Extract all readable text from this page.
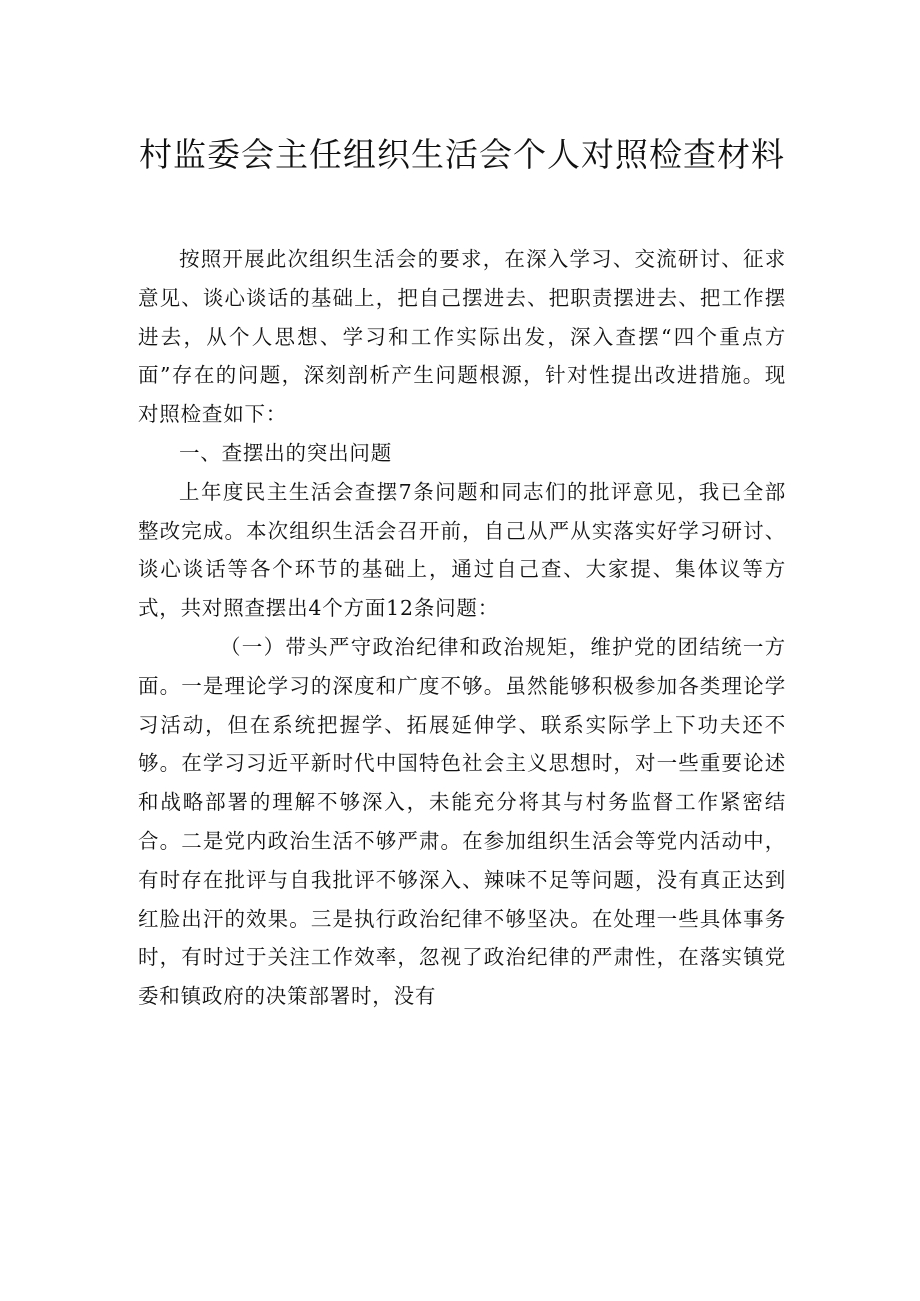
村监委会主任组织生活会个人对照检查材料

按照开展此次组织生活会的要求，在深入学习、交流研讨、征求意见、谈心谈话的基础上，把自己摆进去、把职责摆进去、把工作摆进去，从个人思想、学习和工作实际出发，深入查摆“四个重点方面”存在的问题，深刻剖析产生问题根源，针对性提出改进措施。现对照检查如下：

一、查摆出的突出问题

上年度民主生活会查摆7条问题和同志们的批评意见，我已全部整改完成。本次组织生活会召开前，自己从严从实落实好学习研讨、谈心谈话等各个环节的基础上，通过自己查、大家提、集体议等方式，共对照查摆出4个方面12条问题：

（一）带头严守政治纪律和政治规矩，维护党的团结统一方面。一是理论学习的深度和广度不够。虽然能够积极参加各类理论学习活动，但在系统把握学、拓展延伸学、联系实际学上下功夫还不够。在学习习近平新时代中国特色社会主义思想时，对一些重要论述和战略部署的理解不够深入，未能充分将其与村务监督工作紧密结合。二是党内政治生活不够严肃。在参加组织生活会等党内活动中，有时存在批评与自我批评不够深入、辣味不足等问题，没有真正达到红脸出汗的效果。三是执行政治纪律不够坚决。在处理一些具体事务时，有时过于关注工作效率，忽视了政治纪律的严肃性，在落实镇党委和镇政府的决策部署时，没有
